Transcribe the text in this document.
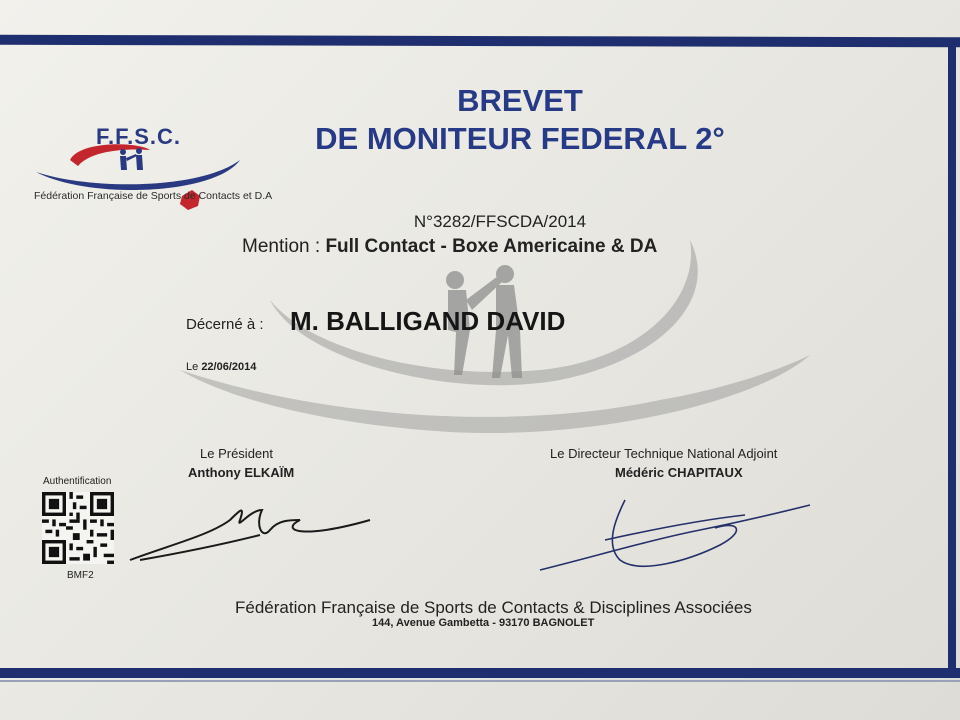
F.F.S.C.
Fédération Française de Sports de Contacts et D.A
BREVET
DE MONITEUR FEDERAL 2°
N°3282/FFSCDA/2014
Mention : Full Contact - Boxe Americaine & DA
Décerné à : M. BALLIGAND DAVID
Le 22/06/2014
Le Président
Anthony ELKAÏM
Le Directeur Technique National Adjoint
Médéric CHAPITAUX
Authentification
BMF2
Fédération Française de Sports de Contacts & Disciplines Associées
144, Avenue Gambetta - 93170 BAGNOLET
